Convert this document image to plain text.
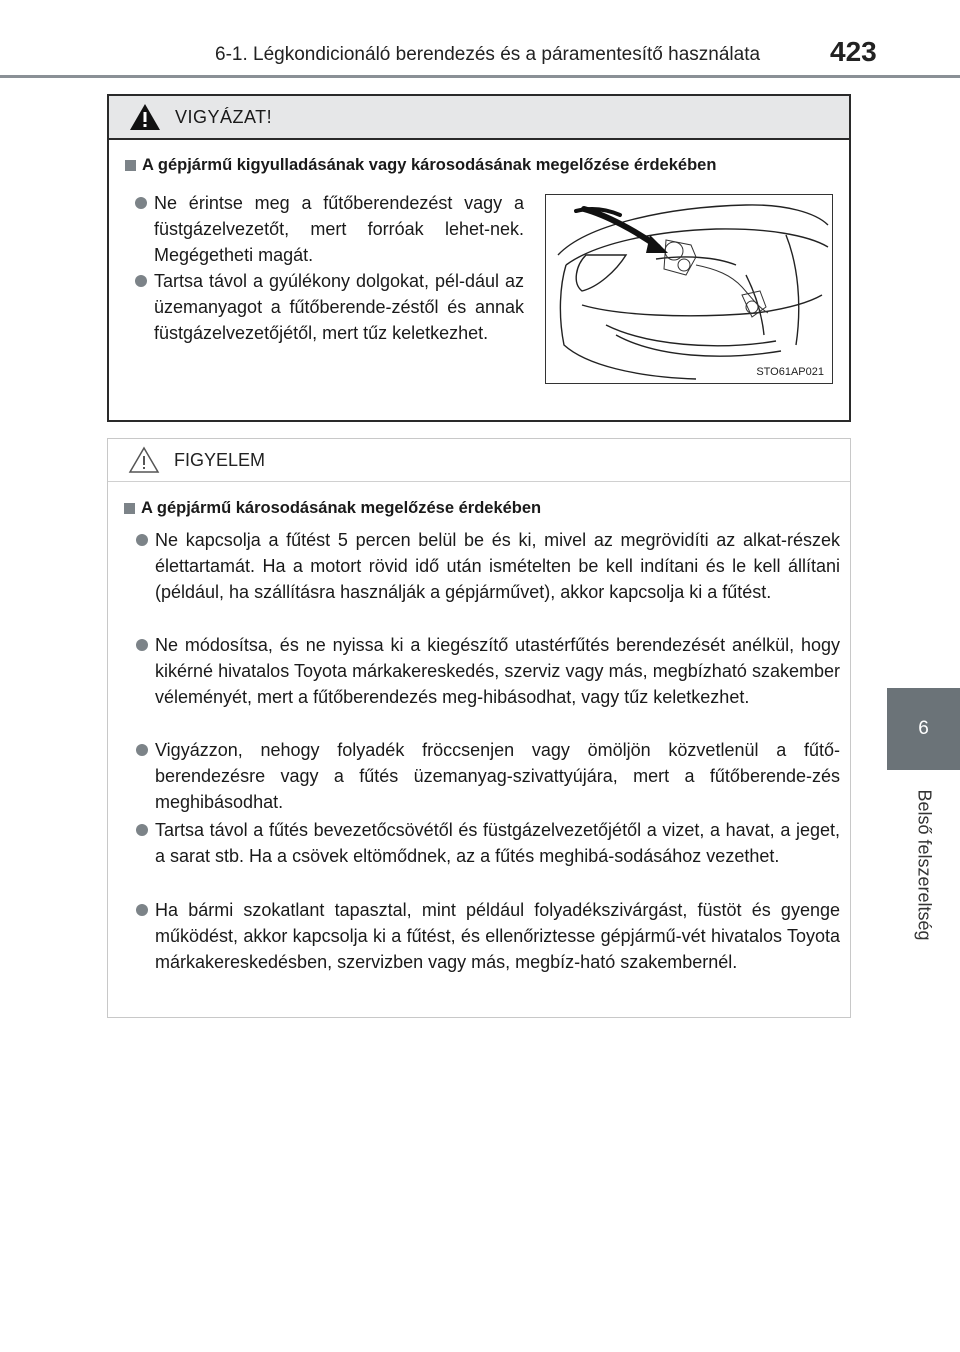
6-1. Légkondicionáló berendezés és a páramentesítő használata 423
6
Belső felszereltség
VIGYÁZAT!
A gépjármű kigyulladásának vagy károsodásának megelőzése érdekében
Ne érintse meg a fűtőberendezést vagy a füstgázelvezetőt, mert forróak lehet-nek. Megégetheti magát.
Tartsa távol a gyúlékony dolgokat, pél-dául az üzemanyagot a fűtőberende-zéstől és annak füstgázelvezetőjétől, mert tűz keletkezhet.
STO61AP021
FIGYELEM
A gépjármű károsodásának megelőzése érdekében
Ne kapcsolja a fűtést 5 percen belül be és ki, mivel az megrövidíti az alkat-részek élettartamát. Ha a motort rövid idő után ismételten be kell indítani és le kell állítani (például, ha szállításra használják a gépjárművet), akkor kapcsolja ki a fűtést.
Ne módosítsa, és ne nyissa ki a kiegészítő utastérfűtés berendezését anélkül, hogy kikérné hivatalos Toyota márkakereskedés, szerviz vagy más, megbízható szakember véleményét, mert a fűtőberendezés meg-hibásodhat, vagy tűz keletkezhet.
Vigyázzon, nehogy folyadék fröccsenjen vagy ömöljön közvetlenül a fűtő-berendezésre vagy a fűtés üzemanyag-szivattyújára, mert a fűtőberende-zés meghibásodhat.
Tartsa távol a fűtés bevezetőcsövétől és füstgázelvezetőjétől a vizet, a havat, a jeget, a sarat stb. Ha a csövek eltömődnek, az a fűtés meghibá-sodásához vezethet.
Ha bármi szokatlant tapasztal, mint például folyadékszivárgást, füstöt és gyenge működést, akkor kapcsolja ki a fűtést, és ellenőriztesse gépjármű-vét hivatalos Toyota márkakereskedésben, szervizben vagy más, megbíz-ható szakembernél.
